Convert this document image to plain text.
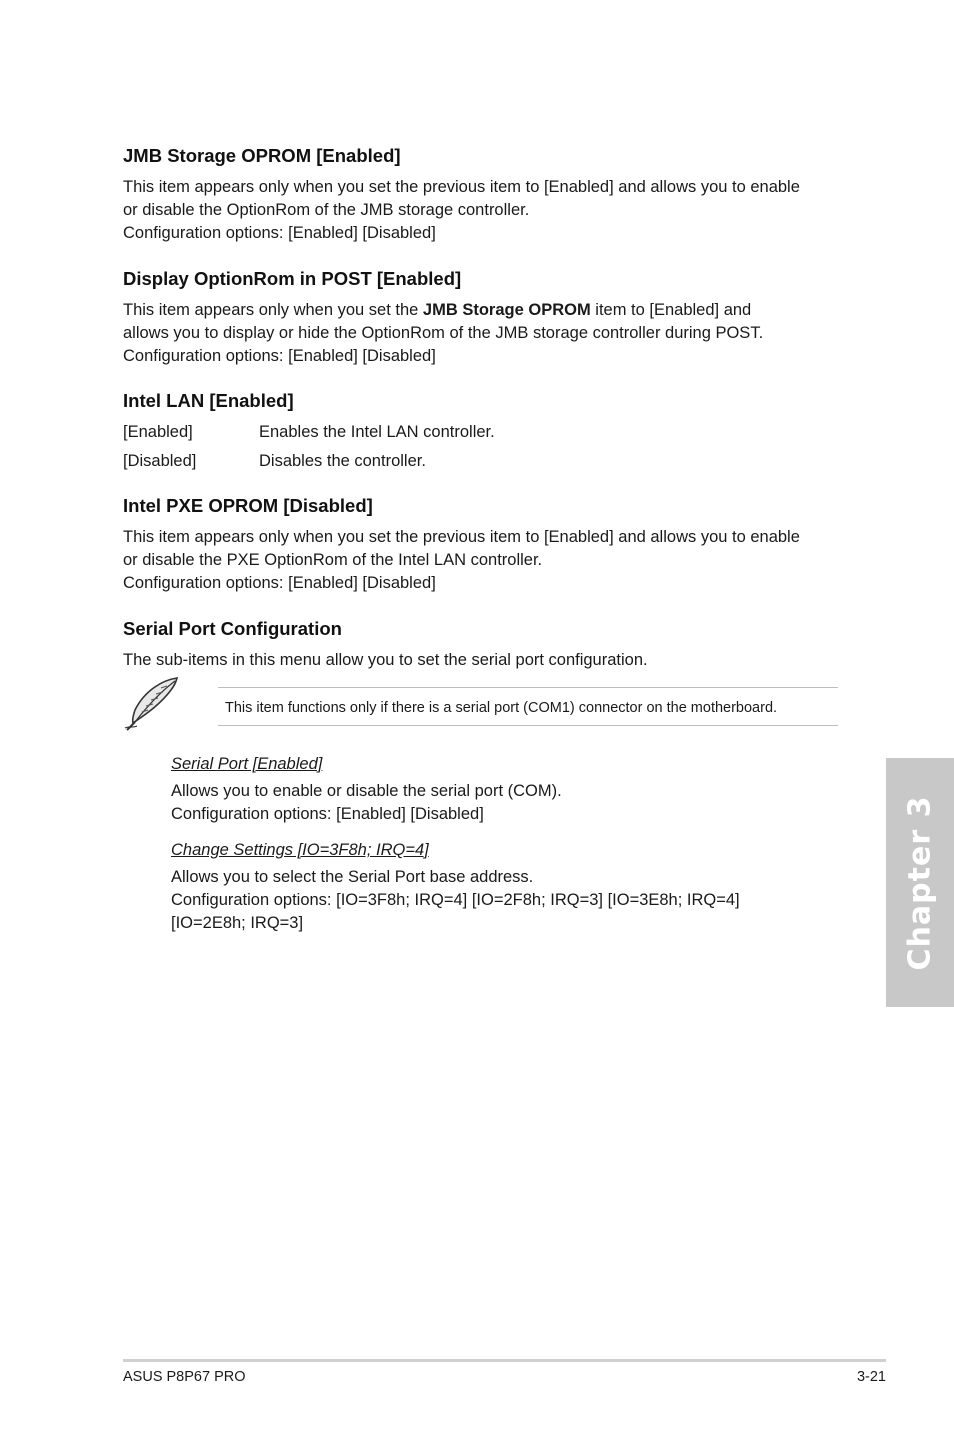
JMB Storage OPROM [Enabled]

This item appears only when you set the previous item to [Enabled] and allows you to enable

or disable the OptionRom of the JMB storage controller.

Configuration options: [Enabled] [Disabled]

Display OptionRom in POST [Enabled]

This item appears only when you set the JMB Storage OPROM item to [Enabled] and

allows you to display or hide the OptionRom of the JMB storage controller during POST.

Configuration options: [Enabled] [Disabled]

Intel LAN [Enabled]
[Enabled]	Enables the Intel LAN controller.
[Disabled]	Disables the controller.
Intel PXE OPROM [Disabled]

This item appears only when you set the previous item to [Enabled] and allows you to enable

or disable the PXE OptionRom of the Intel LAN controller.

Configuration options: [Enabled] [Disabled]

Serial Port Configuration

The sub-items in this menu allow you to set the serial port configuration.

This item functions only if there is a serial port (COM1) connector on the motherboard.

Serial Port [Enabled]

Allows you to enable or disable the serial port (COM).

Configuration options: [Enabled] [Disabled]

Change Settings [IO=3F8h; IRQ=4]

Allows you to select the Serial Port base address.

Configuration options: [IO=3F8h; IRQ=4] [IO=2F8h; IRQ=3] [IO=3E8h; IRQ=4]

[IO=2E8h; IRQ=3]	Chapter 3
ASUS P8P67 PRO	3-21
